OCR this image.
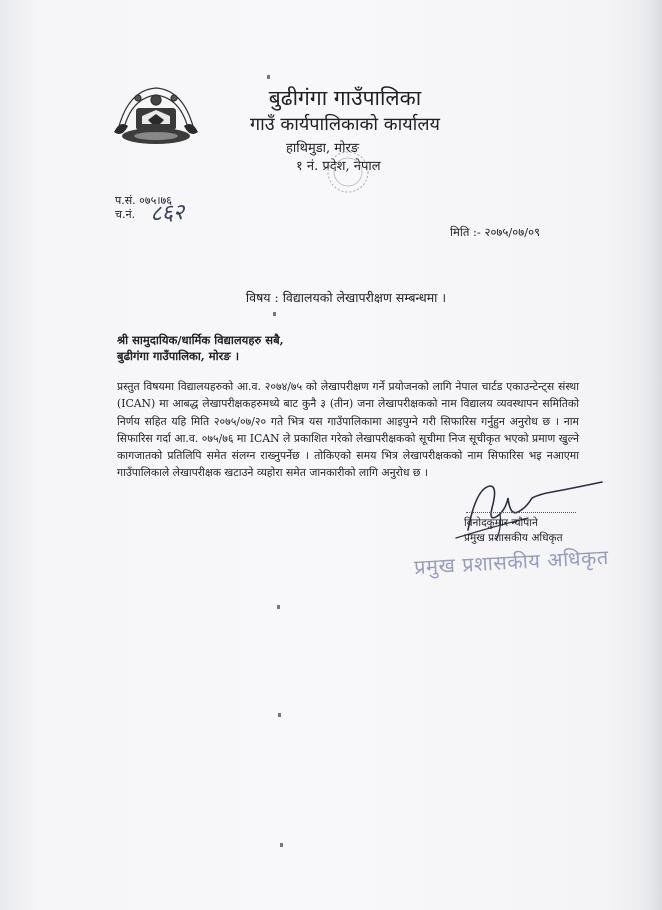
बुढीगंगा गाउँपालिका
गाउँ कार्यपालिकाको कार्यालय
हाथिमुडा, मोरङ
१ नं. प्रदेश, नेपाल
प.सं. ०७५।७६
च.नं. ८६२
मिति :- २०७५/०७/०९
विषय : विद्यालयको लेखापरीक्षण सम्बन्धमा ।
श्री सामुदायिक/धार्मिक विद्यालयहरु सबै,
बुढीगंगा गाउँपालिका, मोरङ ।
प्रस्तुत विषयमा विद्यालयहरुको आ.व. २०७४/७५ को लेखापरीक्षण गर्ने प्रयोजनको लागि नेपाल चार्टड एकाउन्टेन्ट्स संस्था (ICAN) मा आबद्ध लेखापरीक्षकहरुमध्ये बाट कुनै ३ (तीन) जना लेखापरीक्षकको नाम विद्यालय व्यवस्थापन समितिको निर्णय सहित यहि मिति २०७५/०७/२० गते भित्र यस गाउँपालिकामा आइपुग्ने गरी सिफारिस गर्नुहुन अनुरोध छ । नाम सिफारिस गर्दा आ.व. ०७५/७६ मा ICAN ले प्रकाशित गरेको लेखापरीक्षकको सूचीमा निज सूचीकृत भएको प्रमाण खुल्ने कागजातको प्रतिलिपि समेत संलग्न राख्नुपर्नेछ । तोकिएको समय भित्र लेखापरीक्षकको नाम सिफारिस भइ नआएमा गाउँपालिकाले लेखापरीक्षक खटाउने व्यहोरा समेत जानकारीको लागि अनुरोध छ ।
विनोदकुमार न्यौपाने
प्रमुख प्रशासकीय अधिकृत
प्रमुख प्रशासकीय अधिकृत
